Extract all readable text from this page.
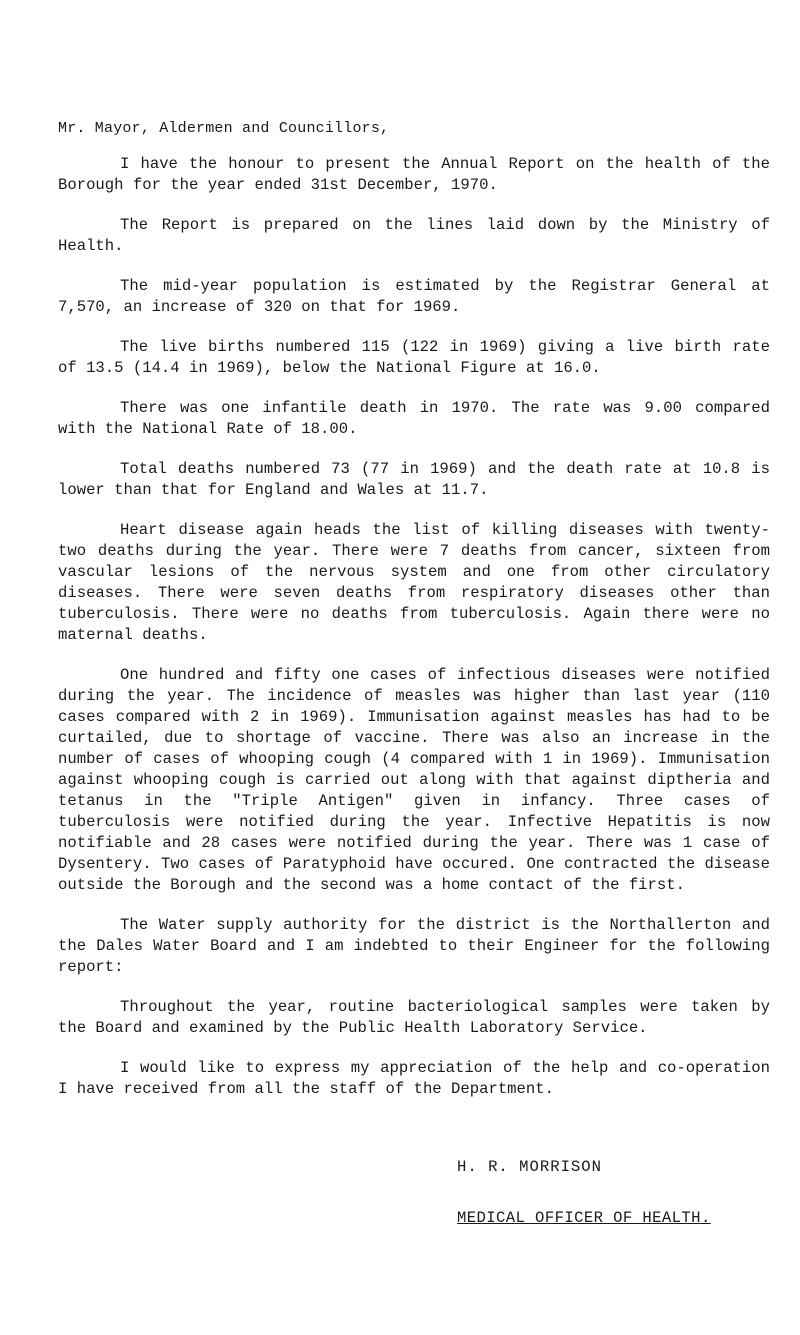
Mr. Mayor, Aldermen and Councillors,

I have the honour to present the Annual Report on the health of the Borough for the year ended 31st December, 1970.

The Report is prepared on the lines laid down by the Ministry of Health.

The mid-year population is estimated by the Registrar General at 7,570, an increase of 320 on that for 1969.

The live births numbered 115 (122 in 1969) giving a live birth rate of 13.5 (14.4 in 1969), below the National Figure at 16.0.

There was one infantile death in 1970. The rate was 9.00 compared with the National Rate of 18.00.

Total deaths numbered 73 (77 in 1969) and the death rate at 10.8 is lower than that for England and Wales at 11.7.

Heart disease again heads the list of killing diseases with twenty-two deaths during the year. There were 7 deaths from cancer, sixteen from vascular lesions of the nervous system and one from other circulatory diseases. There were seven deaths from respiratory diseases other than tuberculosis. There were no deaths from tuberculosis. Again there were no maternal deaths.

One hundred and fifty one cases of infectious diseases were notified during the year. The incidence of measles was higher than last year (110 cases compared with 2 in 1969). Immunisation against measles has had to be curtailed, due to shortage of vaccine. There was also an increase in the number of cases of whooping cough (4 compared with 1 in 1969). Immunisation against whooping cough is carried out along with that against diptheria and tetanus in the "Triple Antigen" given in infancy. Three cases of tuberculosis were notified during the year. Infective Hepatitis is now notifiable and 28 cases were notified during the year. There was 1 case of Dysentery. Two cases of Paratyphoid have occured. One contracted the disease outside the Borough and the second was a home contact of the first.

The Water supply authority for the district is the Northallerton and the Dales Water Board and I am indebted to their Engineer for the following report:

Throughout the year, routine bacteriological samples were taken by the Board and examined by the Public Health Laboratory Service.

I would like to express my appreciation of the help and co-operation I have received from all the staff of the Department.

H. R. MORRISON

MEDICAL OFFICER OF HEALTH.
